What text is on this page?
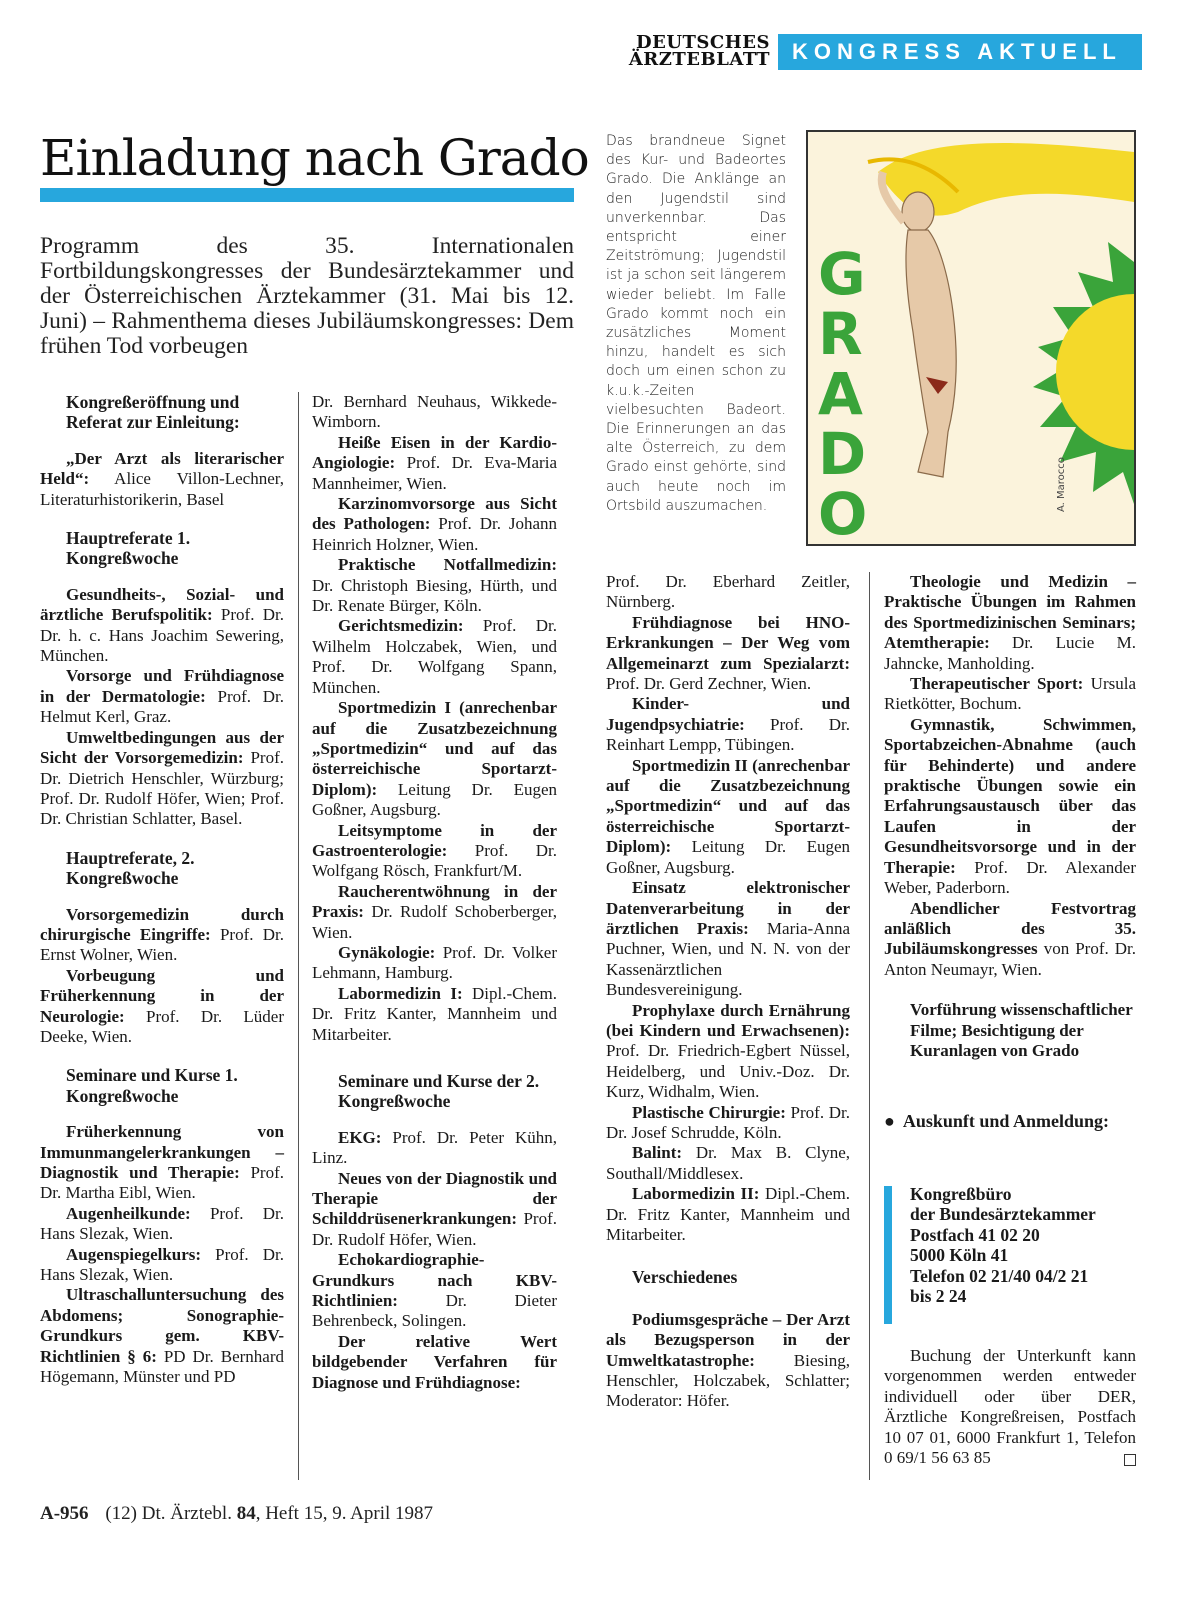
DEUTSCHES
ÄRZTEBLATT	KONGRESS AKTUELL
Einladung nach Grado
Programm des 35. Internationalen Fortbildungskongresses der Bundesärztekammer und der Österreichischen Ärztekammer (31. Mai bis 12. Juni) – Rahmenthema dieses Jubiläumskongresses: Dem frühen Tod vorbeugen
Das brandneue Signet des Kur- und Badeortes Grado. Die Anklänge an den Jugendstil sind unverkennbar. Das entspricht einer Zeitströmung; Jugendstil ist ja schon seit längerem wieder beliebt. Im Falle Grado kommt noch ein zusätzliches Moment hinzu, handelt es sich doch um einen schon zu k.u.k.-Zeiten vielbesuchten Badeort. Die Erinnerungen an das alte Österreich, zu dem Grado einst gehörte, sind auch heute noch im Ortsbild auszumachen.
G
R
A
D
O	A. Marocco

Kongreßeröffnung und Referat zur Einleitung:

„Der Arzt als literarischer Held“: Alice Villon-Lechner, Literaturhistorikerin, Basel

Hauptreferate 1. Kongreßwoche

Gesundheits-, Sozial- und ärztliche Berufspolitik: Prof. Dr. Dr. h. c. Hans Joachim Sewering, München.

Vorsorge und Frühdiagnose in der Dermatologie: Prof. Dr. Helmut Kerl, Graz.

Umweltbedingungen aus der Sicht der Vorsorgemedizin: Prof. Dr. Dietrich Henschler, Würzburg; Prof. Dr. Rudolf Höfer, Wien; Prof. Dr. Christian Schlatter, Basel.

Hauptreferate, 2. Kongreßwoche

Vorsorgemedizin durch chirurgische Eingriffe: Prof. Dr. Ernst Wolner, Wien.

Vorbeugung und Früherkennung in der Neurologie: Prof. Dr. Lüder Deeke, Wien.

Seminare und Kurse 1. Kongreßwoche

Früherkennung von Immunmangelerkrankungen – Diagnostik und Therapie: Prof. Dr. Martha Eibl, Wien.

Augenheilkunde: Prof. Dr. Hans Slezak, Wien.

Augenspiegelkurs: Prof. Dr. Hans Slezak, Wien.

Ultraschalluntersuchung des Abdomens; Sonographie-Grundkurs gem. KBV-Richtlinien § 6: PD Dr. Bernhard Högemann, Münster und PD

Dr. Bernhard Neuhaus, Wikkede-Wimborn.

Heiße Eisen in der Kardio-Angiologie: Prof. Dr. Eva-Maria Mannheimer, Wien.

Karzinomvorsorge aus Sicht des Pathologen: Prof. Dr. Johann Heinrich Holzner, Wien.

Praktische Notfallmedizin: Dr. Christoph Biesing, Hürth, und Dr. Renate Bürger, Köln.

Gerichtsmedizin: Prof. Dr. Wilhelm Holczabek, Wien, und Prof. Dr. Wolfgang Spann, München.

Sportmedizin I (anrechenbar auf die Zusatzbezeichnung „Sportmedizin“ und auf das österreichische Sportarzt-Diplom): Leitung Dr. Eugen Goßner, Augsburg.

Leitsymptome in der Gastroenterologie: Prof. Dr. Wolfgang Rösch, Frankfurt/M.

Raucherentwöhnung in der Praxis: Dr. Rudolf Schoberberger, Wien.

Gynäkologie: Prof. Dr. Volker Lehmann, Hamburg.

Labormedizin I: Dipl.-Chem. Dr. Fritz Kanter, Mannheim und Mitarbeiter.

Seminare und Kurse der 2. Kongreßwoche

EKG: Prof. Dr. Peter Kühn, Linz.

Neues von der Diagnostik und Therapie der Schilddrüsenerkrankungen: Prof. Dr. Rudolf Höfer, Wien.

Echokardiographie-Grundkurs nach KBV-Richtlinien: Dr. Dieter Behrenbeck, Solingen.

Der relative Wert bildgebender Verfahren für Diagnose und Frühdiagnose:

Prof. Dr. Eberhard Zeitler, Nürnberg.

Frühdiagnose bei HNO-Erkrankungen – Der Weg vom Allgemeinarzt zum Spezialarzt: Prof. Dr. Gerd Zechner, Wien.

Kinder- und Jugendpsychiatrie: Prof. Dr. Reinhart Lempp, Tübingen.

Sportmedizin II (anrechenbar auf die Zusatzbezeichnung „Sportmedizin“ und auf das österreichische Sportarzt-Diplom): Leitung Dr. Eugen Goßner, Augsburg.

Einsatz elektronischer Datenverarbeitung in der ärztlichen Praxis: Maria-Anna Puchner, Wien, und N. N. von der Kassenärztlichen Bundesvereinigung.

Prophylaxe durch Ernährung (bei Kindern und Erwachsenen): Prof. Dr. Friedrich-Egbert Nüssel, Heidelberg, und Univ.-Doz. Dr. Kurz, Widhalm, Wien.

Plastische Chirurgie: Prof. Dr. Dr. Josef Schrudde, Köln.

Balint: Dr. Max B. Clyne, Southall/Middlesex.

Labormedizin II: Dipl.-Chem. Dr. Fritz Kanter, Mannheim und Mitarbeiter.

Verschiedenes

Podiumsgespräche – Der Arzt als Bezugsperson in der Umweltkatastrophe: Biesing, Henschler, Holczabek, Schlatter; Moderator: Höfer.

Theologie und Medizin – Praktische Übungen im Rahmen des Sportmedizinischen Seminars; Atemtherapie: Dr. Lucie M. Jahncke, Manholding.

Therapeutischer Sport: Ursula Rietkötter, Bochum.

Gymnastik, Schwimmen, Sportabzeichen-Abnahme (auch für Behinderte) und andere praktische Übungen sowie ein Erfahrungsaustausch über das Laufen in der Gesundheitsvorsorge und in der Therapie: Prof. Dr. Alexander Weber, Paderborn.

Abendlicher Festvortrag anläßlich des 35. Jubiläumskongresses von Prof. Dr. Anton Neumayr, Wien.

Vorführung wissenschaftlicher Filme; Besichtigung der Kuranlagen von Grado

● Auskunft und Anmeldung:

Kongreßbüro
der Bundesärztekammer
Postfach 41 02 20
5000 Köln 41
Telefon 02 21/40 04/2 21
bis 2 24
Buchung der Unterkunft kann vorgenommen werden entweder individuell oder über DER, Ärztliche Kongreßreisen, Postfach 10 07 01, 6000 Frankfurt 1, Telefon 0 69/1 56 63 85
A-956 (12) Dt. Ärztebl. 84, Heft 15, 9. April 1987
